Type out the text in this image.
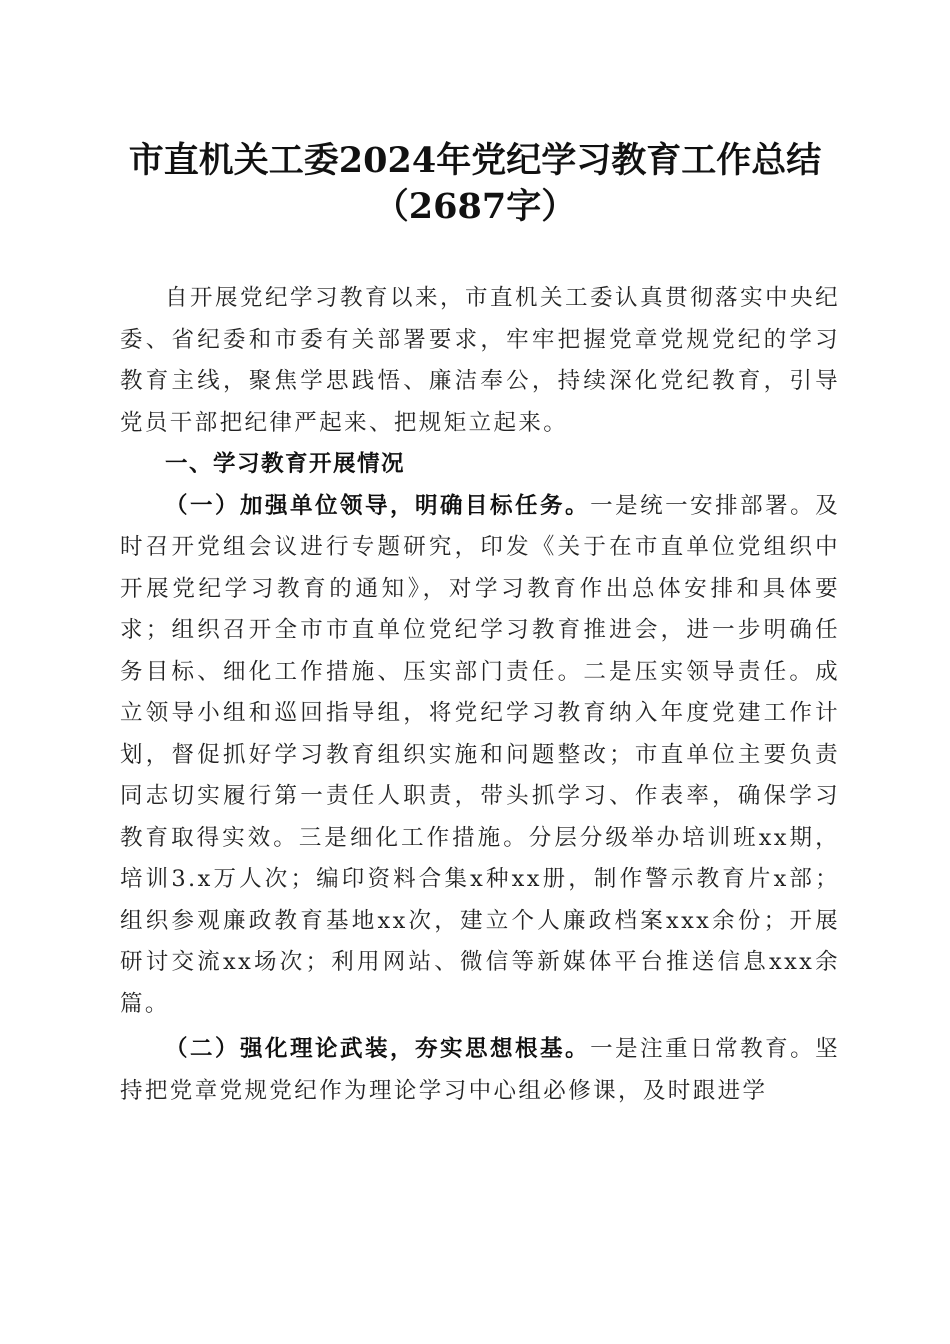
市直机关工委2024年党纪学习教育工作总结
（2687字）

自开展党纪学习教育以来，市直机关工委认真贯彻落实中央纪委、省纪委和市委有关部署要求，牢牢把握党章党规党纪的学习教育主线，聚焦学思践悟、廉洁奉公，持续深化党纪教育，引导党员干部把纪律严起来、把规矩立起来。

一、学习教育开展情况

（一）加强单位领导，明确目标任务。一是统一安排部署。及时召开党组会议进行专题研究，印发《关于在市直单位党组织中开展党纪学习教育的通知》，对学习教育作出总体安排和具体要求；组织召开全市市直单位党纪学习教育推进会，进一步明确任务目标、细化工作措施、压实部门责任。二是压实领导责任。成立领导小组和巡回指导组，将党纪学习教育纳入年度党建工作计划，督促抓好学习教育组织实施和问题整改；市直单位主要负责同志切实履行第一责任人职责，带头抓学习、作表率，确保学习教育取得实效。三是细化工作措施。分层分级举办培训班xx期，培训3.x万人次；编印资料合集x种xx册，制作警示教育片x部；组织参观廉政教育基地xx次，建立个人廉政档案xxx余份；开展研讨交流xx场次；利用网站、微信等新媒体平台推送信息xxx余篇。

（二）强化理论武装，夯实思想根基。一是注重日常教育。坚持把党章党规党纪作为理论学习中心组必修课，及时跟进学
